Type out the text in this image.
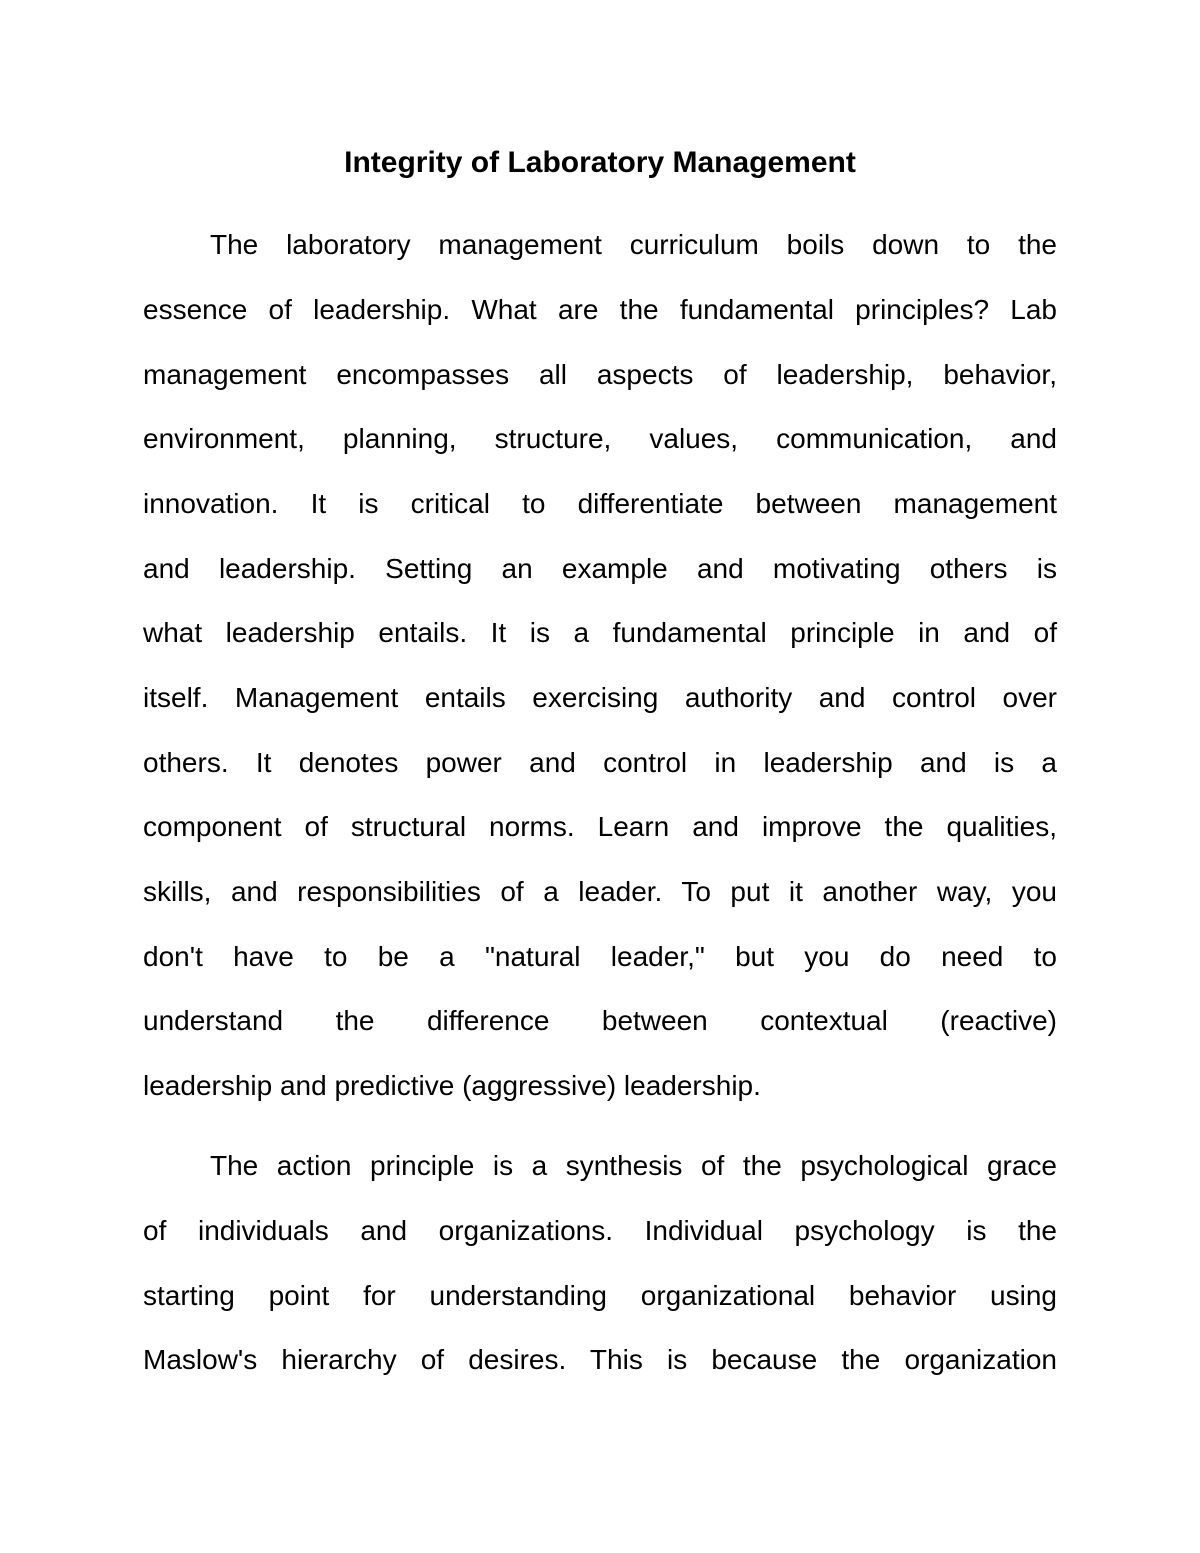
Integrity of Laboratory Management
The laboratory management curriculum boils down to the
essence of leadership. What are the fundamental principles? Lab
management encompasses all aspects of leadership, behavior,
environment, planning, structure, values, communication, and
innovation. It is critical to differentiate between management
and leadership. Setting an example and motivating others is
what leadership entails. It is a fundamental principle in and of
itself. Management entails exercising authority and control over
others. It denotes power and control in leadership and is a
component of structural norms. Learn and improve the qualities,
skills, and responsibilities of a leader. To put it another way, you
don't have to be a "natural leader," but you do need to
understand the difference between contextual (reactive)
leadership and predictive (aggressive) leadership.
The action principle is a synthesis of the psychological grace
of individuals and organizations. Individual psychology is the
starting point for understanding organizational behavior using
Maslow's hierarchy of desires. This is because the organization
